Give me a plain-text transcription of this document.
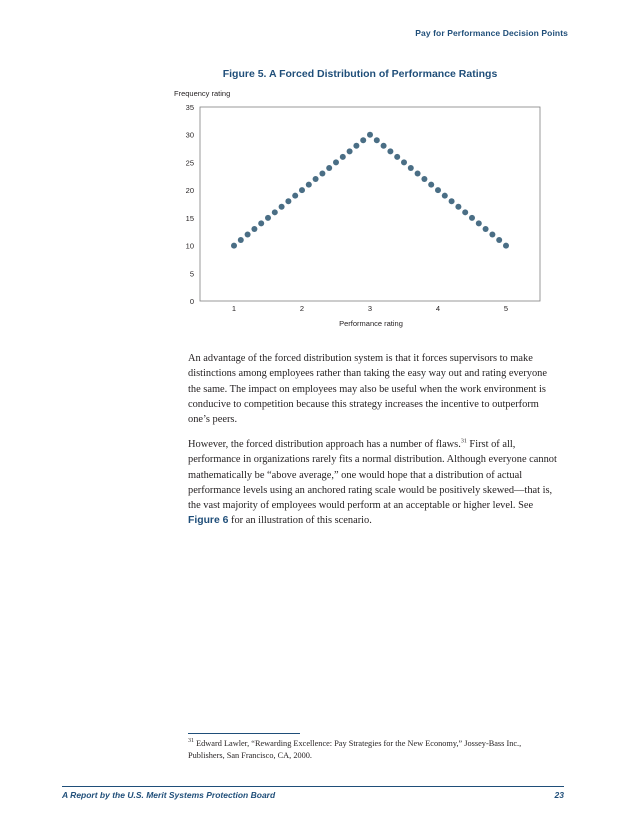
Pay for Performance Decision Points
Figure 5. A Forced Distribution of Performance Ratings
Frequency rating
0
5
10
15
20
25
30
35
1	2	3	4	5
Performance rating

An advantage of the forced distribution system is that it forces supervisors to make distinctions among employees rather than taking the easy way out and rating everyone the same. The impact on employees may also be useful when the work environment is conducive to competition because this strategy increases the incentive to outperform one’s peers.

However, the forced distribution approach has a number of flaws.$^{31}$ First of all, performance in organizations rarely fits a normal distribution. Although everyone cannot mathematically be “above average,” one would hope that a distribution of actual performance levels using an anchored rating scale would be positively skewed—that is, the vast majority of employees would perform at an acceptable or higher level. See Figure 6 for an illustration of this scenario.

$^{31}$ Edward Lawler, “Rewarding Excellence: Pay Strategies for the New Economy,” Jossey-Bass Inc., Publishers, San Francisco, CA, 2000.
A Report by the U.S. Merit Systems Protection Board	23
